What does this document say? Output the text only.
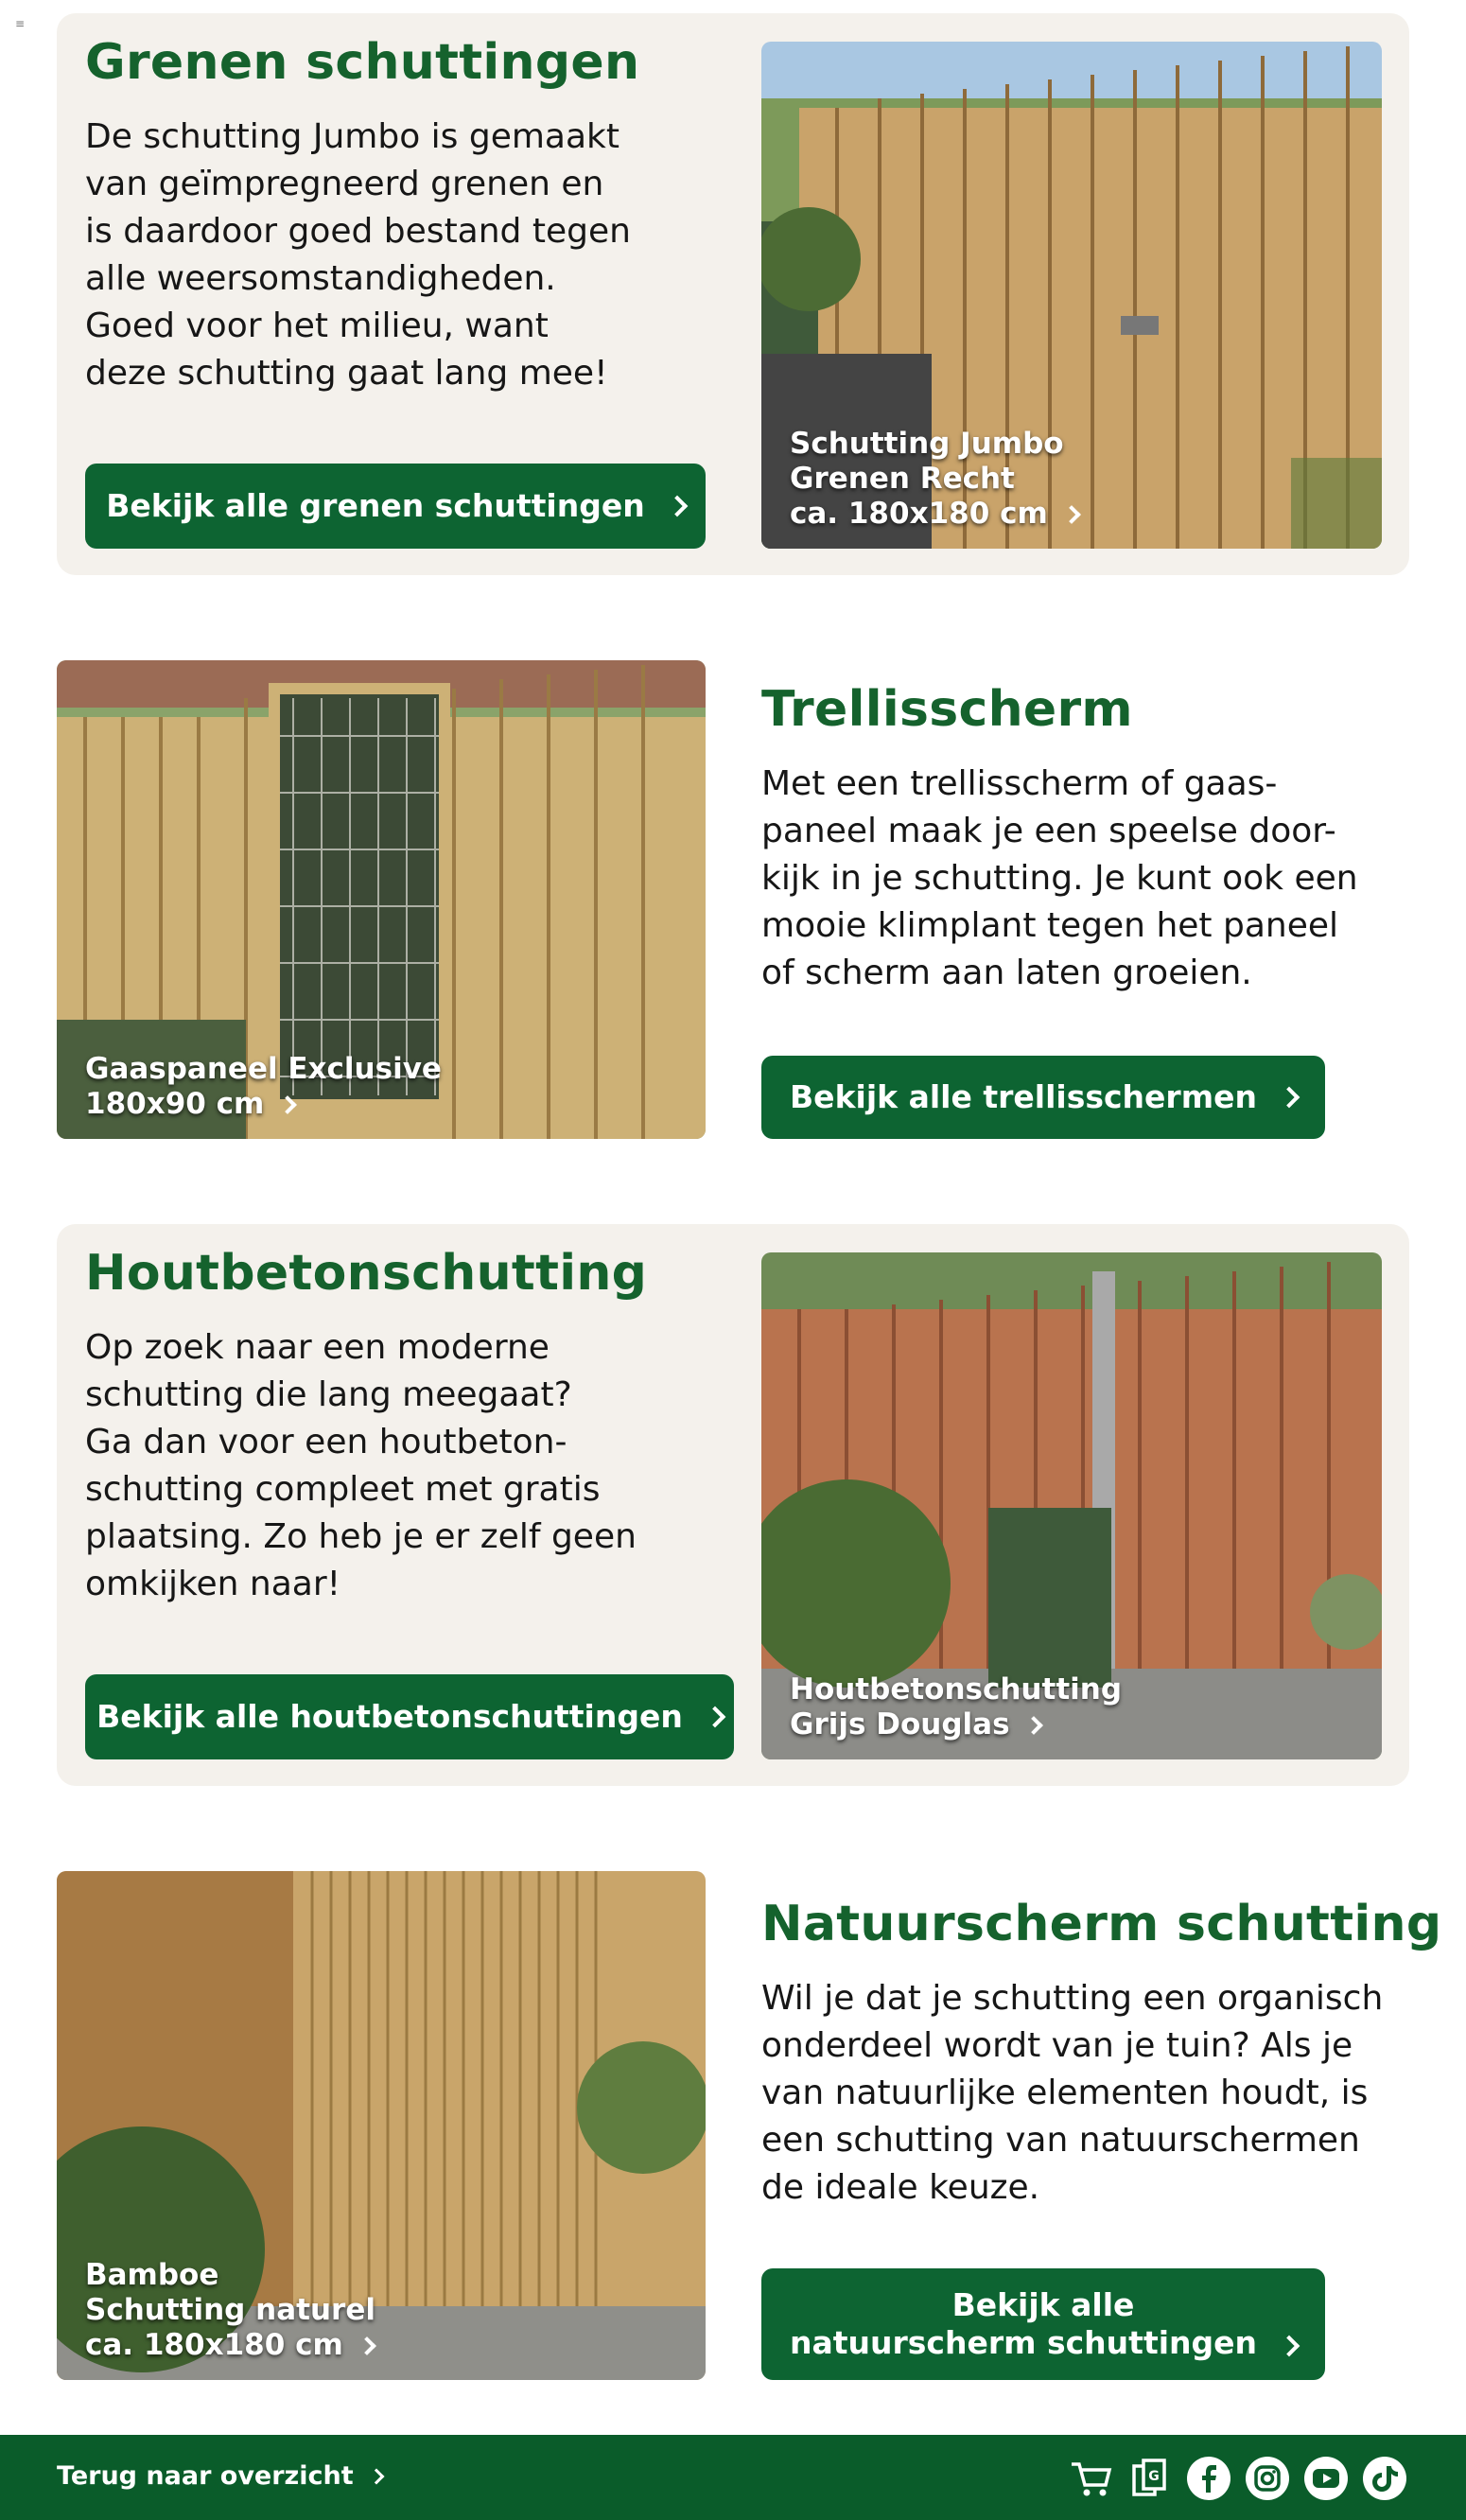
≡
Grenen schuttingen

De schutting Jumbo is gemaakt
van geïmpregneerd grenen en
is daardoor goed bestand tegen
alle weersomstandigheden.
Goed voor het milieu, want
deze schutting gaat lang mee!

Bekijk alle grenen schuttingen
Schutting Jumbo
Grenen Recht
ca. 180x180 cm
Gaaspaneel Exclusive
180x90 cm
Trellisscherm

Met een trellisscherm of gaas-
paneel maak je een speelse door-
kijk in je schutting. Je kunt ook een
mooie klimplant tegen het paneel
of scherm aan laten groeien.

Bekijk alle trellisschermen
Houtbetonschutting

Op zoek naar een moderne
schutting die lang meegaat?
Ga dan voor een houtbeton-
schutting compleet met gratis
plaatsing. Zo heb je er zelf geen
omkijken naar!

Bekijk alle houtbetonschuttingen
Houtbetonschutting
Grijs Douglas
Bamboe
Schutting naturel
ca. 180x180 cm
Natuurscherm schutting

Wil je dat je schutting een organisch
onderdeel wordt van je tuin? Als je
van natuurlijke elementen houdt, is
een schutting van natuurschermen
de ideale keuze.

Bekijk alle
natuurscherm schuttingen
Terug naar overzicht	G
